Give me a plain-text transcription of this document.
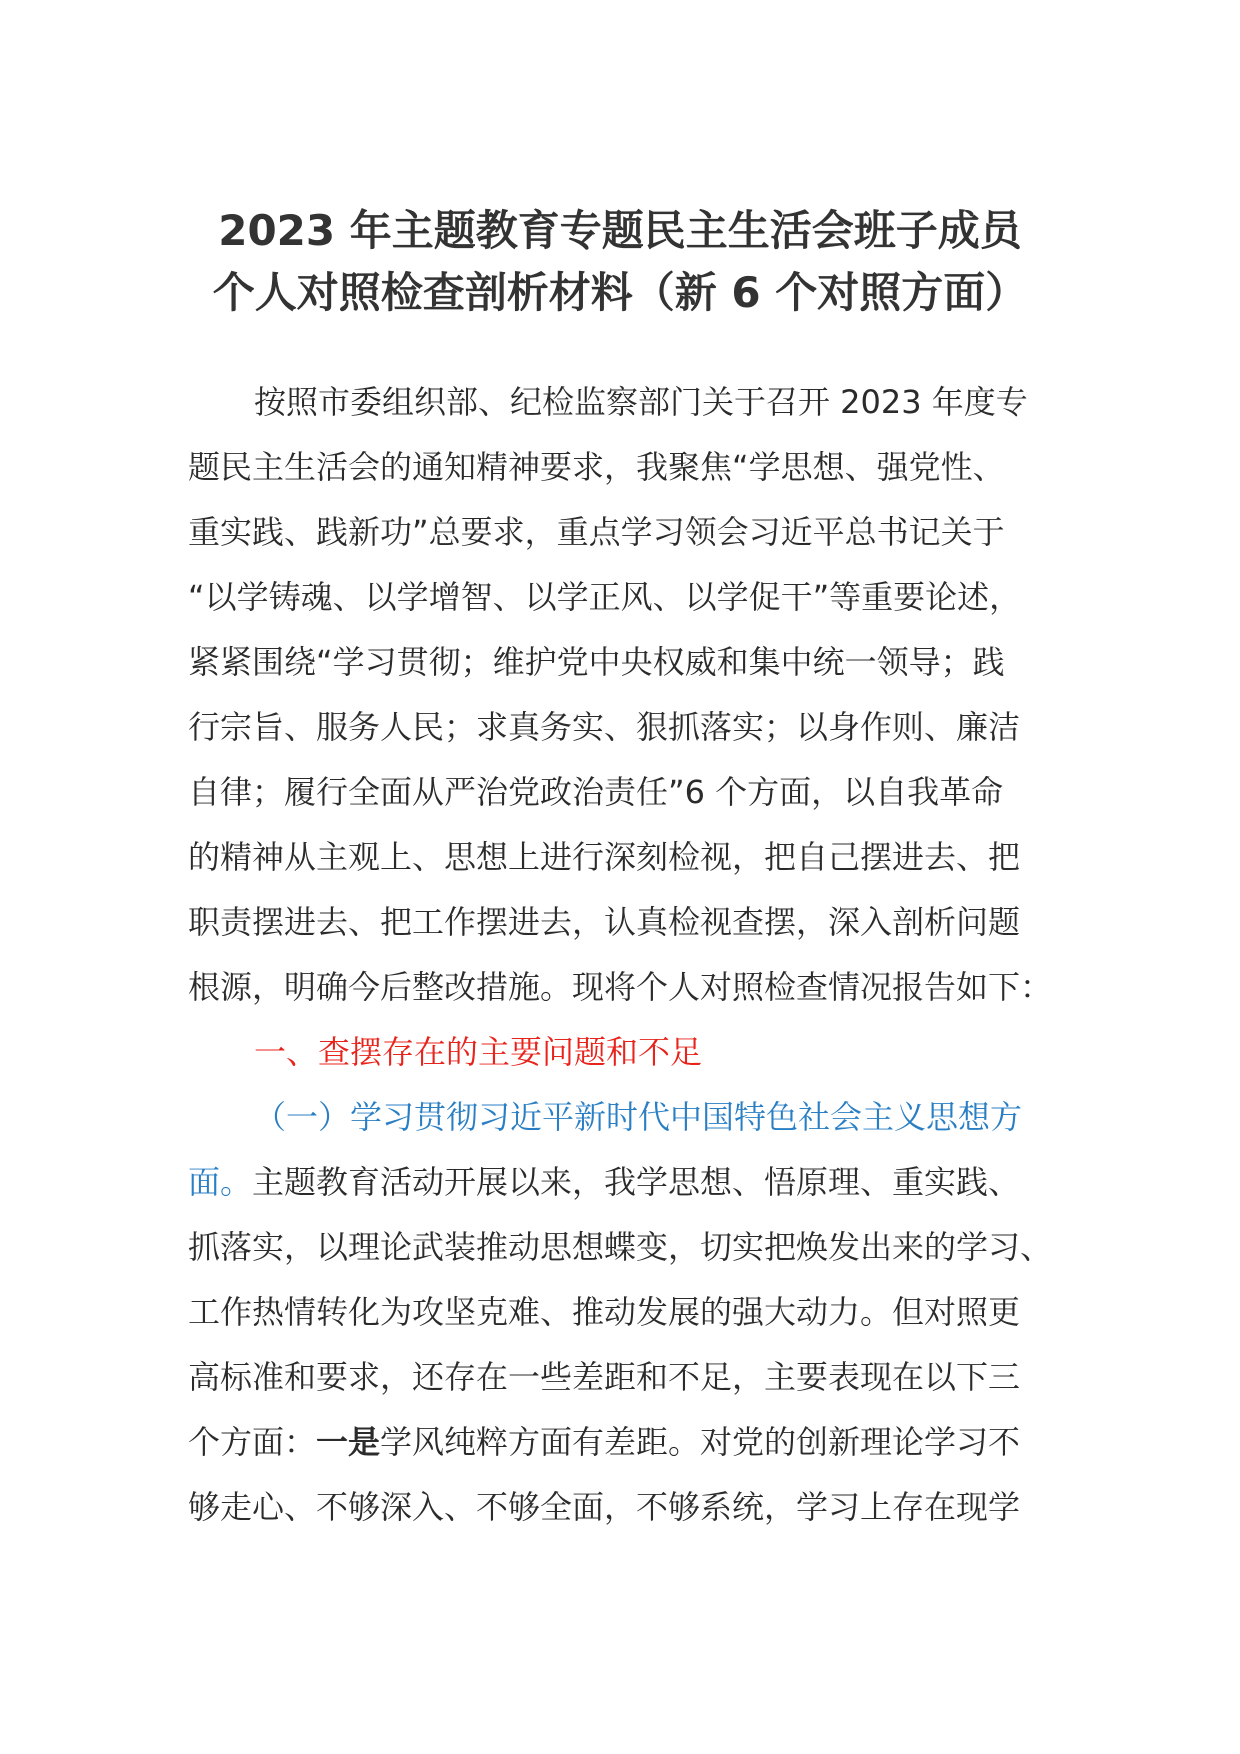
2023 年主题教育专题民主生活会班子成员
个人对照检查剖析材料（新 6 个对照方面）
按照市委组织部、纪检监察部门关于召开 2023 年度专
题民主生活会的通知精神要求，我聚焦“学思想、强党性、
重实践、践新功”总要求，重点学习领会习近平总书记关于
“以学铸魂、以学增智、以学正风、以学促干”等重要论述，
紧紧围绕“学习贯彻；维护党中央权威和集中统一领导；践
行宗旨、服务人民；求真务实、狠抓落实；以身作则、廉洁
自律；履行全面从严治党政治责任”6 个方面，以自我革命
的精神从主观上、思想上进行深刻检视，把自己摆进去、把
职责摆进去、把工作摆进去，认真检视查摆，深入剖析问题
根源，明确今后整改措施。现将个人对照检查情况报告如下：
一、查摆存在的主要问题和不足
（一）学习贯彻习近平新时代中国特色社会主义思想方
面。主题教育活动开展以来，我学思想、悟原理、重实践、
抓落实，以理论武装推动思想蝶变，切实把焕发出来的学习、
工作热情转化为攻坚克难、推动发展的强大动力。但对照更
高标准和要求，还存在一些差距和不足，主要表现在以下三
个方面：一是学风纯粹方面有差距。对党的创新理论学习不
够走心、不够深入、不够全面，不够系统，学习上存在现学
